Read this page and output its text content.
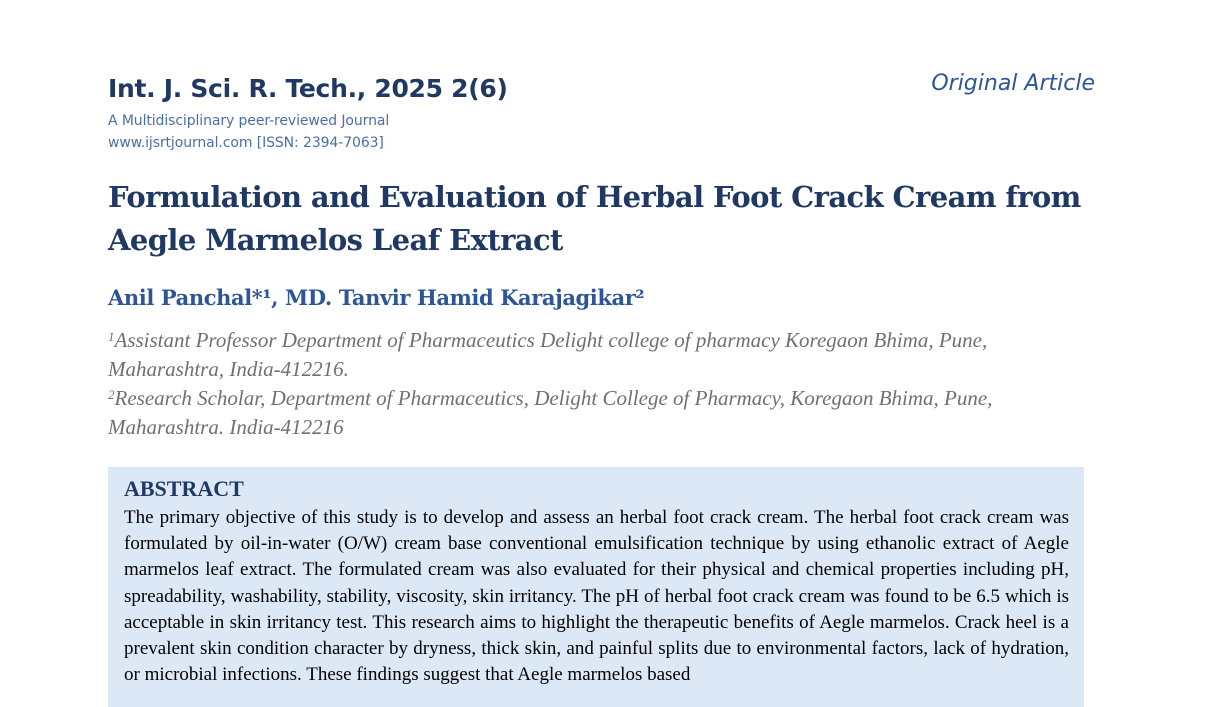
Int. J. Sci. R. Tech., 2025 2(6)	Original Article
A Multidisciplinary peer-reviewed Journal
www.ijsrtjournal.com [ISSN: 2394-7063]
Formulation and Evaluation of Herbal Foot Crack Cream from Aegle Marmelos Leaf Extract
Anil Panchal*¹, MD. Tanvir Hamid Karajagikar²
$^1$Assistant Professor Department of Pharmaceutics Delight college of pharmacy Koregaon Bhima, Pune, Maharashtra, India-412216.
$^2$Research Scholar, Department of Pharmaceutics, Delight College of Pharmacy, Koregaon Bhima, Pune, Maharashtra. India-412216
ABSTRACT

The primary objective of this study is to develop and assess an herbal foot crack cream. The herbal foot crack cream was formulated by oil-in-water (O/W) cream base conventional emulsification technique by using ethanolic extract of Aegle marmelos leaf extract. The formulated cream was also evaluated for their physical and chemical properties including pH, spreadability, washability, stability, viscosity, skin irritancy. The pH of herbal foot crack cream was found to be 6.5 which is acceptable in skin irritancy test. This research aims to highlight the therapeutic benefits of Aegle marmelos. Crack heel is a prevalent skin condition character by dryness, thick skin, and painful splits due to environmental factors, lack of hydration, or microbial infections. These findings suggest that Aegle marmelos based
